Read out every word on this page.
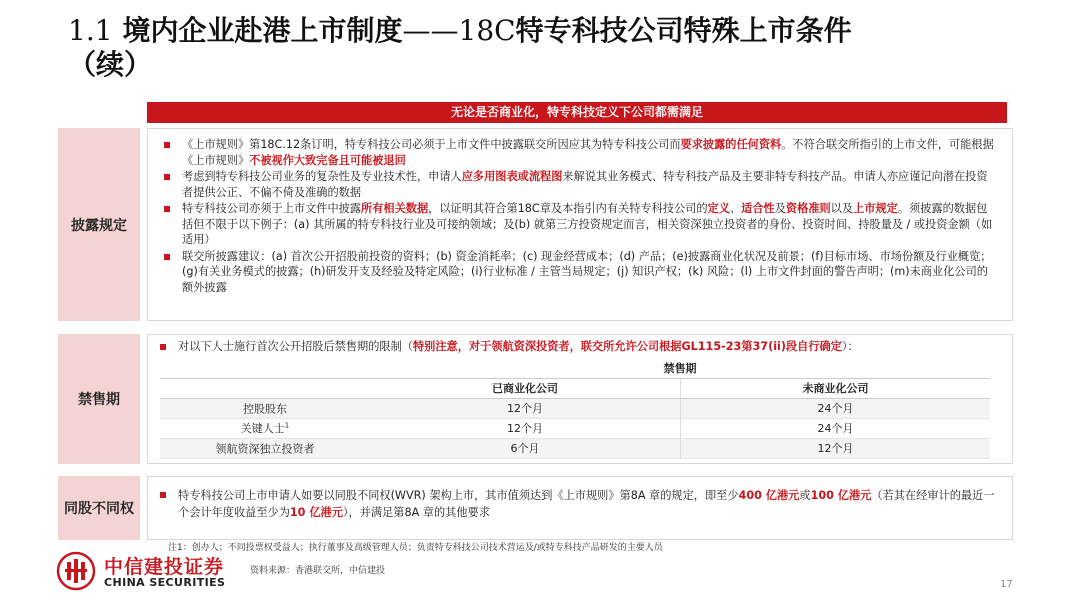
1.1 境内企业赴港上市制度——18C特专科技公司特殊上市条件
（续）
无论是否商业化，特专科技定义下公司都需满足
披露规定
《上市规则》第18C.12条订明，特专科技公司必须于上市文件中披露联交所因应其为特专科技公司而要求披露的任何资料。不符合联交所指引的上市文件，可能根据《上市规则》不被视作大致完备且可能被退回
考虑到特专科技公司业务的复杂性及专业技术性，申请人应多用图表或流程图来解说其业务模式、特专科技产品及主要非特专科技产品。申请人亦应谨记向潜在投资者提供公正、不偏不倚及准确的数据
特专科技公司亦须于上市文件中披露所有相关数据，以证明其符合第18C章及本指引内有关特专科技公司的定义、适合性及资格准则以及上市规定。须披露的数据包括但不限于以下例子：(a) 其所属的特专科技行业及可接纳领域；及(b) 就第三方投资规定而言，相关资深独立投资者的身份、投资时间、持股量及 / 或投资金额（如适用）
联交所披露建议：(a) 首次公开招股前投资的资料；(b) 资金消耗率；(c) 现金经营成本；(d) 产品；(e)披露商业化状况及前景；(f)目标市场、市场份额及行业概览；(g)有关业务模式的披露；(h)研发开支及经验及特定风险；(i)行业标准 / 主管当局规定；(j) 知识产权；(k) 风险；(l) 上市文件封面的警告声明；(m)未商业化公司的额外披露
禁售期
对以下人士施行首次公开招股后禁售期的限制（特别注意，对于领航资深投资者，联交所允许公司根据GL115-23第37(ii)段自行确定）：
	禁售期	
	已商业化公司	未商业化公司
控股股东	12个月	24个月
关键人士$^1$	12个月	24个月
领航资深独立投资者	6个月	12个月
同股不同权
特专科技公司上市申请人如要以同股不同权(WVR) 架构上市，其市值须达到《上市规则》第8A 章的规定，即至少400 亿港元或100 亿港元（若其在经审计的最近一个会计年度收益至少为10 亿港元），并满足第8A 章的其他要求
注1：创办人；不同投票权受益人；执行董事及高级管理人员；负责特专科技公司技术营运及/或特专科技产品研发的主要人员
中信建投证券
CHINA SECURITIES
资料来源：香港联交所，中信建投
17
